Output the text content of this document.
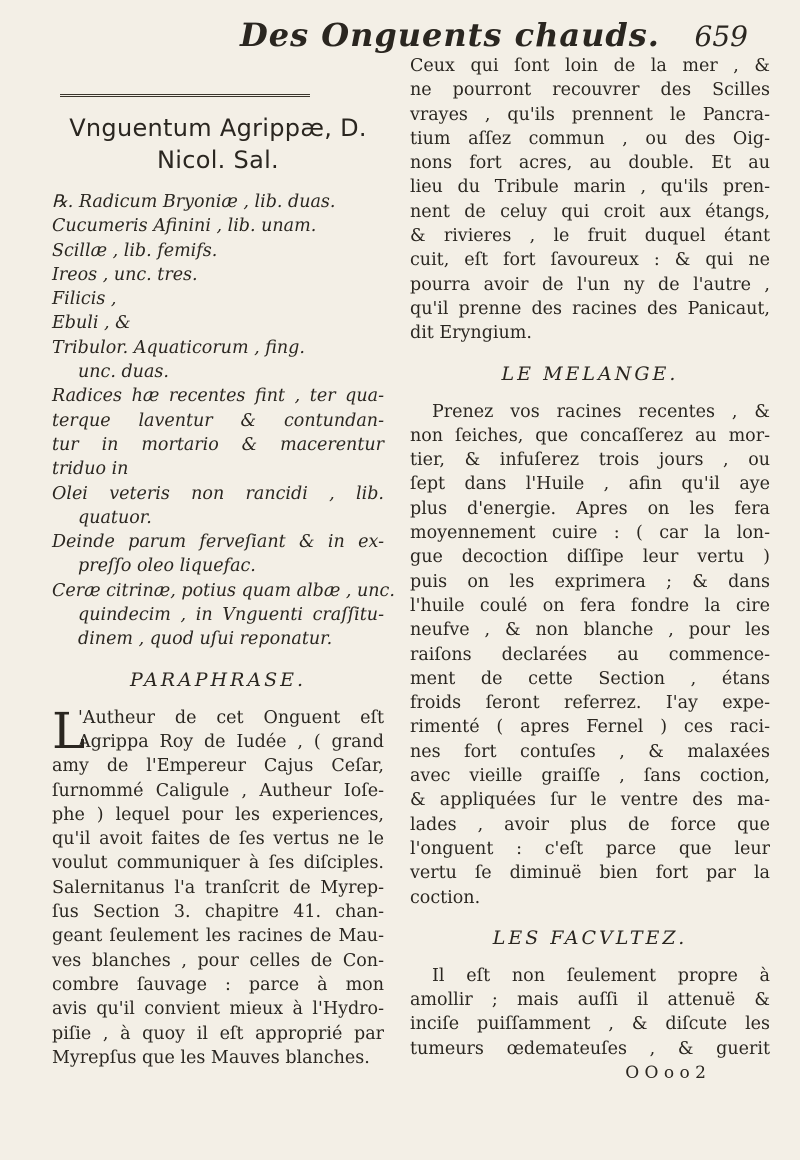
Des Onguents chauds. 659
Vnguentum Agrippæ, D.
Nicol. Sal.
℞. Radicum Bryoniæ , lib. duas.
Cucumeris Afinini , lib. unam.
Scillæ , lib. femifs.
Ireos , unc. tres.
Filicis ,
Ebuli , &
Tribulor. Aquaticorum , fing.
unc. duas.
Radices hæ recentes fint , ter qua-
terque laventur & contundan-
tur in mortario & macerentur
triduo in
Olei veteris non rancidi , lib.
quatuor.
Deinde parum ferveſiant & in ex-
preſſo oleo liquefac.
Ceræ citrinæ, potius quam albæ , unc.
quindecim , in Vnguenti craſſitu-
dinem , quod uſui reponatur.
PARAPHRASE.
L
'Autheur de cet Onguent eſt
Agrippa Roy de Iudée , ( grand
amy de l'Empereur Cajus Ceſar,
ſurnommé Caligule , Autheur Ioſe-
phe ) lequel pour les experiences,
qu'il avoit faites de ſes vertus ne le
voulut communiquer à ſes diſciples.
Salernitanus l'a tranſcrit de Myrep-
ſus Section 3. chapitre 41. chan-
geant ſeulement les racines de Mau-
ves blanches , pour celles de Con-
combre ſauvage : parce à mon
avis qu'il convient mieux à l'Hydro-
piſie , à quoy il eſt approprié par
Myrepſus que les Mauves blanches.
Ceux qui ſont loin de la mer , &
ne pourront recouvrer des Scilles
vrayes , qu'ils prennent le Pancra-
tium aſſez commun , ou des Oig-
nons fort acres, au double. Et au
lieu du Tribule marin , qu'ils pren-
nent de celuy qui croit aux étangs,
& rivieres , le fruit duquel étant
cuit, eſt fort ſavoureux : & qui ne
pourra avoir de l'un ny de l'autre ,
qu'il prenne des racines des Panicaut,
dit Eryngium.
LE MELANGE.
Prenez vos racines recentes , &
non ſeiches, que concaſſerez au mor-
tier, & infuſerez trois jours , ou
ſept dans l'Huile , afin qu'il aye
plus d'energie. Apres on les fera
moyennement cuire : ( car la lon-
gue decoction diſſipe leur vertu )
puis on les exprimera ; & dans
l'huile coulé on fera fondre la cire
neufve , & non blanche , pour les
raiſons declarées au commence-
ment de cette Section , étans
froids ſeront referrez. I'ay expe-
rimenté ( apres Fernel ) ces raci-
nes fort contuſes , & malaxées
avec vieille graiſſe , ſans coction,
& appliquées ſur le ventre des ma-
lades , avoir plus de force que
l'onguent : c'eſt parce que leur
vertu ſe diminuë bien fort par la
coction.
LES FACVLTEZ.
Il eſt non ſeulement propre à
amollir ; mais auſſi il attenuë &
inciſe puiſſamment , & diſcute les
tumeurs œdemateuſes , & guerit
O O o o 2
